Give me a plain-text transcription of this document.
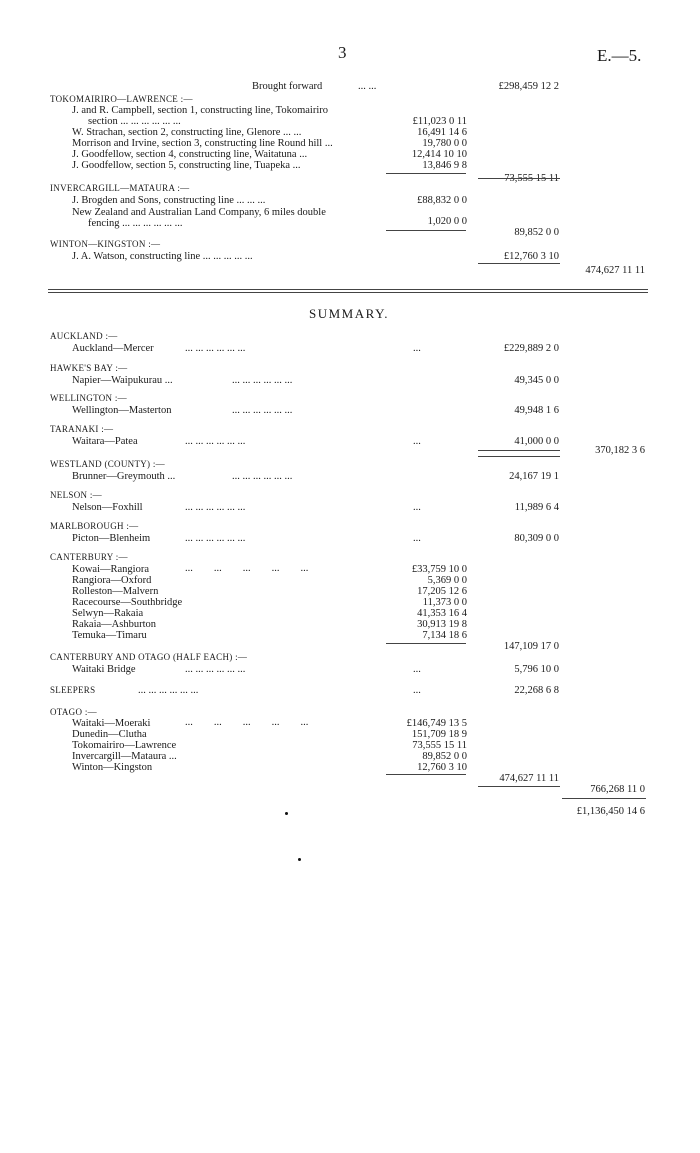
3	E.—5.
Brought forward	... ...	£298,459 12 2
TOKOMAIRIRO—LAWRENCE :—
J. and R. Campbell, section 1, constructing line, Tokomairiro
section ... ... ... ... ... ...	£11,023 0 11
W. Strachan, section 2, constructing line, Glenore ... ...	16,491 14 6
Morrison and Irvine, section 3, constructing line Round hill ...	19,780 0 0
J. Goodfellow, section 4, constructing line, Waitatuna ...	12,414 10 10
J. Goodfellow, section 5, constructing line, Tuapeka ...	13,846 9 8
73,555 15 11
INVERCARGILL—MATAURA :—
J. Brogden and Sons, constructing line ... ... ...	£88,832 0 0
New Zealand and Australian Land Company, 6 miles double
fencing ... ... ... ... ... ...	1,020 0 0
89,852 0 0
WINTON—KINGSTON :—
J. A. Watson, constructing line ... ... ... ... ...	£12,760 3 10
474,627 11 11
SUMMARY.
AUCKLAND :—
Auckland—Mercer	... ... ... ... ... ...	...	£229,889 2 0
HAWKE'S BAY :—
Napier—Waipukurau ...	... ... ... ... ... ...	49,345 0 0
WELLINGTON :—
Wellington—Masterton	... ... ... ... ... ...	49,948 1 6
TARANAKI :—
Waitara—Patea	... ... ... ... ... ...	...	41,000 0 0
370,182 3 6
WESTLAND (COUNTY) :—
Brunner—Greymouth ...	... ... ... ... ... ...	24,167 19 1
NELSON :—
Nelson—Foxhill	... ... ... ... ... ...	...	11,989 6 4
MARLBOROUGH :—
Picton—Blenheim	... ... ... ... ... ...	...	80,309 0 0
CANTERBURY :—
Kowai—Rangiora	£33,759 10 0
Rangiora—Oxford	5,369 0 0
Rolleston—Malvern	17,205 12 6
Racecourse—Southbridge	11,373 0 0
Selwyn—Rakaia	41,353 16 4
Rakaia—Ashburton	30,913 19 8
Temuka—Timaru	7,134 18 6
...  ...  ...  ...  ...
147,109 17 0
CANTERBURY AND OTAGO (HALF EACH) :—
Waitaki Bridge	... ... ... ... ... ...	...	5,796 10 0
SLEEPERS	... ... ... ... ... ...	...	22,268 6 8
OTAGO :—
Waitaki—Moeraki	£146,749 13 5
Dunedin—Clutha	151,709 18 9
Tokomairiro—Lawrence	73,555 15 11
Invercargill—Mataura ...	89,852 0 0
Winton—Kingston	12,760 3 10
...  ...  ...  ...  ...
474,627 11 11
766,268 11 0
£1,136,450 14 6
